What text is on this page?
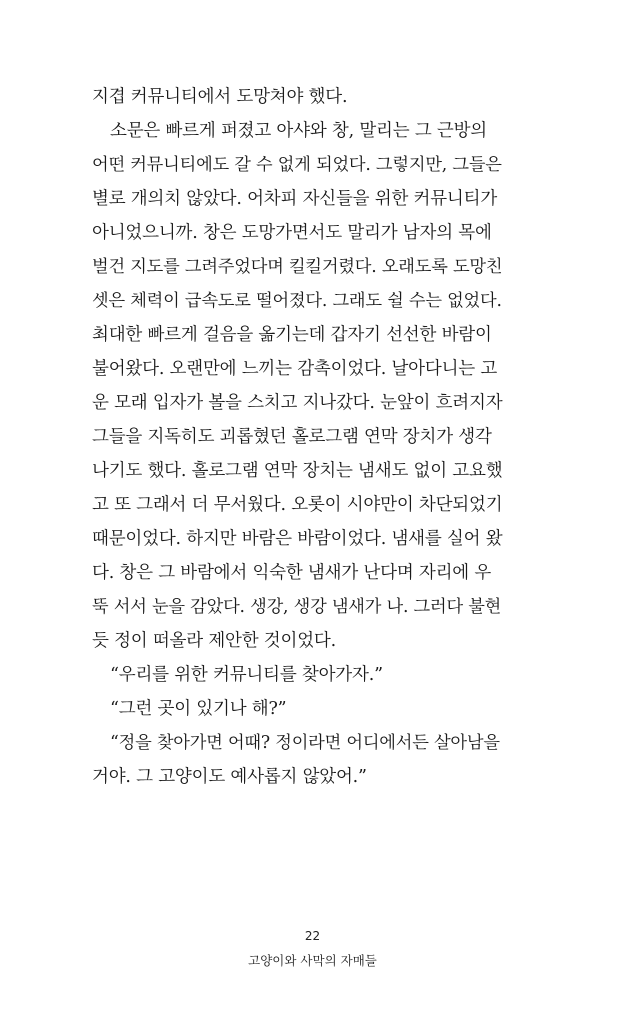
지겹 커뮤니티에서 도망쳐야 했다.
소문은 빠르게 퍼졌고 아샤와 창, 말리는 그 근방의
어떤 커뮤니티에도 갈 수 없게 되었다. 그렇지만, 그들은
별로 개의치 않았다. 어차피 자신들을 위한 커뮤니티가
아니었으니까. 창은 도망가면서도 말리가 남자의 목에
벌건 지도를 그려주었다며 킬킬거렸다. 오래도록 도망친
셋은 체력이 급속도로 떨어졌다. 그래도 쉴 수는 없었다.
최대한 빠르게 걸음을 옮기는데 갑자기 선선한 바람이
불어왔다. 오랜만에 느끼는 감촉이었다. 날아다니는 고
운 모래 입자가 볼을 스치고 지나갔다. 눈앞이 흐려지자
그들을 지독히도 괴롭혔던 홀로그램 연막 장치가 생각
나기도 했다. 홀로그램 연막 장치는 냄새도 없이 고요했
고 또 그래서 더 무서웠다. 오롯이 시야만이 차단되었기
때문이었다. 하지만 바람은 바람이었다. 냄새를 실어 왔
다. 창은 그 바람에서 익숙한 냄새가 난다며 자리에 우
뚝 서서 눈을 감았다. 생강, 생강 냄새가 나. 그러다 불현
듯 정이 떠올라 제안한 것이었다.
“우리를 위한 커뮤니티를 찾아가자.”
“그런 곳이 있기나 해?”
“정을 찾아가면 어때? 정이라면 어디에서든 살아남을
거야. 그 고양이도 예사롭지 않았어.”
22
고양이와 사막의 자매들
